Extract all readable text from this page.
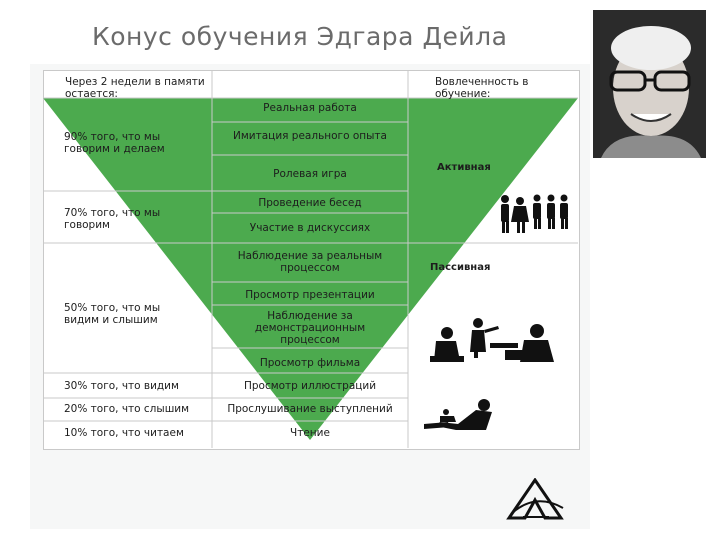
Конус обучения Эдгара Дейла
Через 2 недели в памяти остается:
Вовлеченность в обучение:
Реальная работа
Имитация реального опыта
Ролевая игра
Проведение бесед
Участие в дискуссиях
Наблюдение за реальным процессом
Просмотр презентации
Наблюдение за демонстрационным процессом
Просмотр фильма
Просмотр иллюстраций
Прослушивание выступлений
Чтение
90% того, что мы говорим и делаем
70% того, что мы говорим
50% того, что мы видим и слышим
30% того, что видим
20% того, что слышим
10% того, что читаем
Активная
Пассивная
